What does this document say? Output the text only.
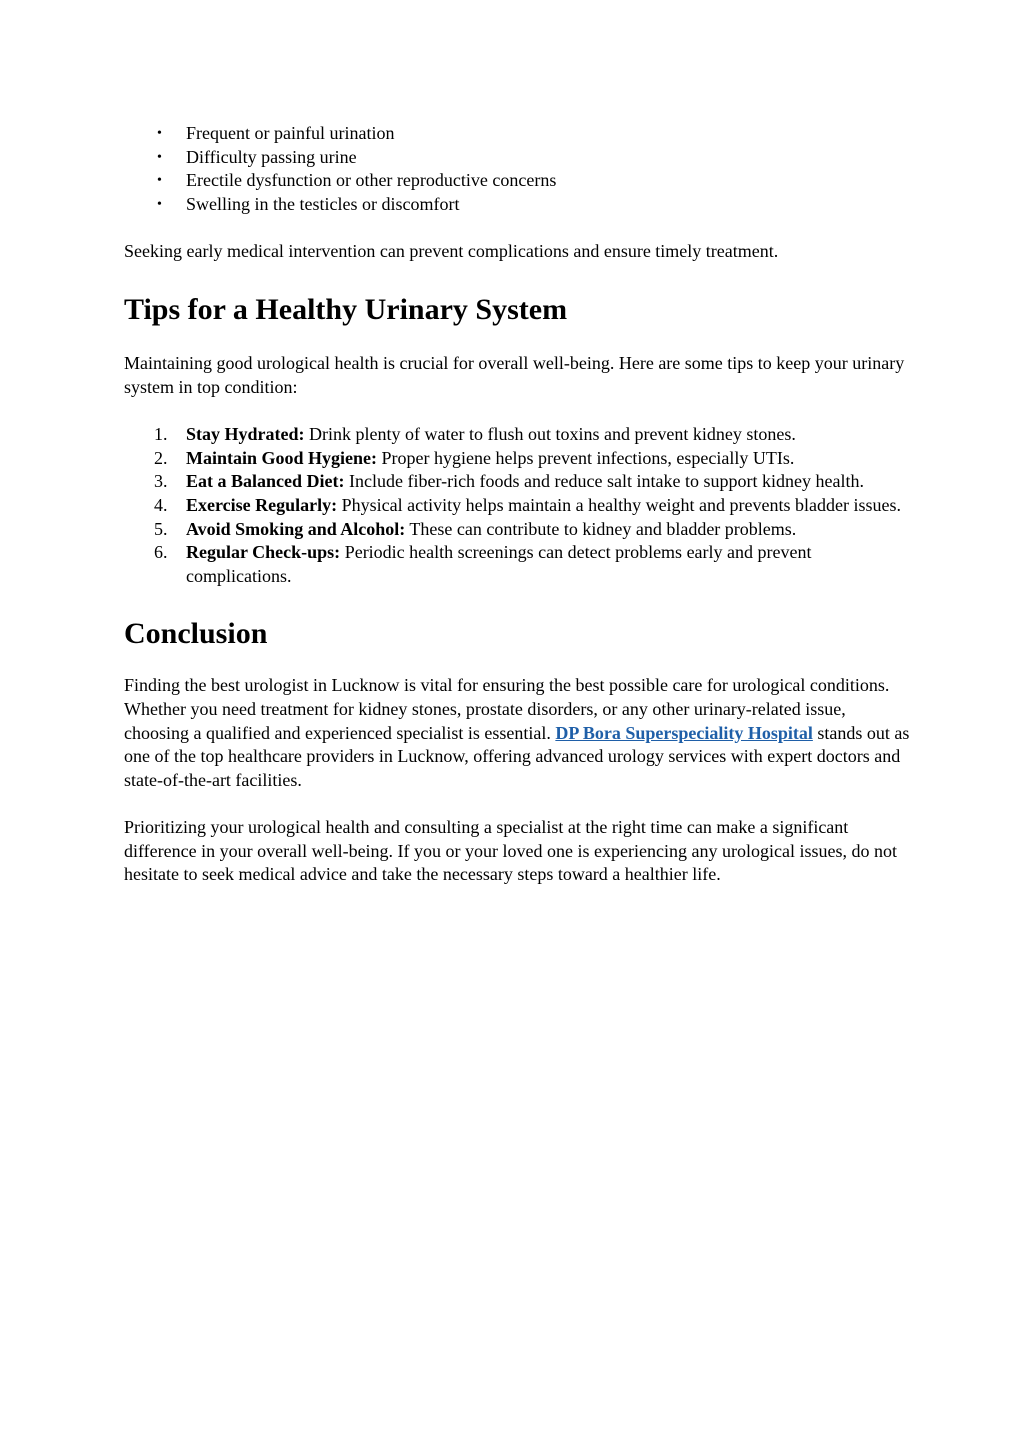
• Frequent or painful urination
• Difficulty passing urine
• Erectile dysfunction or other reproductive concerns
• Swelling in the testicles or discomfort

Seeking early medical intervention can prevent complications and ensure timely treatment.

Tips for a Healthy Urinary System

Maintaining good urological health is crucial for overall well-being. Here are some tips to keep your urinary system in top condition:

1. Stay Hydrated: Drink plenty of water to flush out toxins and prevent kidney stones.
2. Maintain Good Hygiene: Proper hygiene helps prevent infections, especially UTIs.
3. Eat a Balanced Diet: Include fiber-rich foods and reduce salt intake to support kidney health.
4. Exercise Regularly: Physical activity helps maintain a healthy weight and prevents bladder issues.
5. Avoid Smoking and Alcohol: These can contribute to kidney and bladder problems.
6. Regular Check-ups: Periodic health screenings can detect problems early and prevent complications.
Conclusion

Finding the best urologist in Lucknow is vital for ensuring the best possible care for urological conditions. Whether you need treatment for kidney stones, prostate disorders, or any other urinary-related issue, choosing a qualified and experienced specialist is essential. DP Bora Superspeciality Hospital stands out as one of the top healthcare providers in Lucknow, offering advanced urology services with expert doctors and state-of-the-art facilities.

Prioritizing your urological health and consulting a specialist at the right time can make a significant difference in your overall well-being. If you or your loved one is experiencing any urological issues, do not hesitate to seek medical advice and take the necessary steps toward a healthier life.
